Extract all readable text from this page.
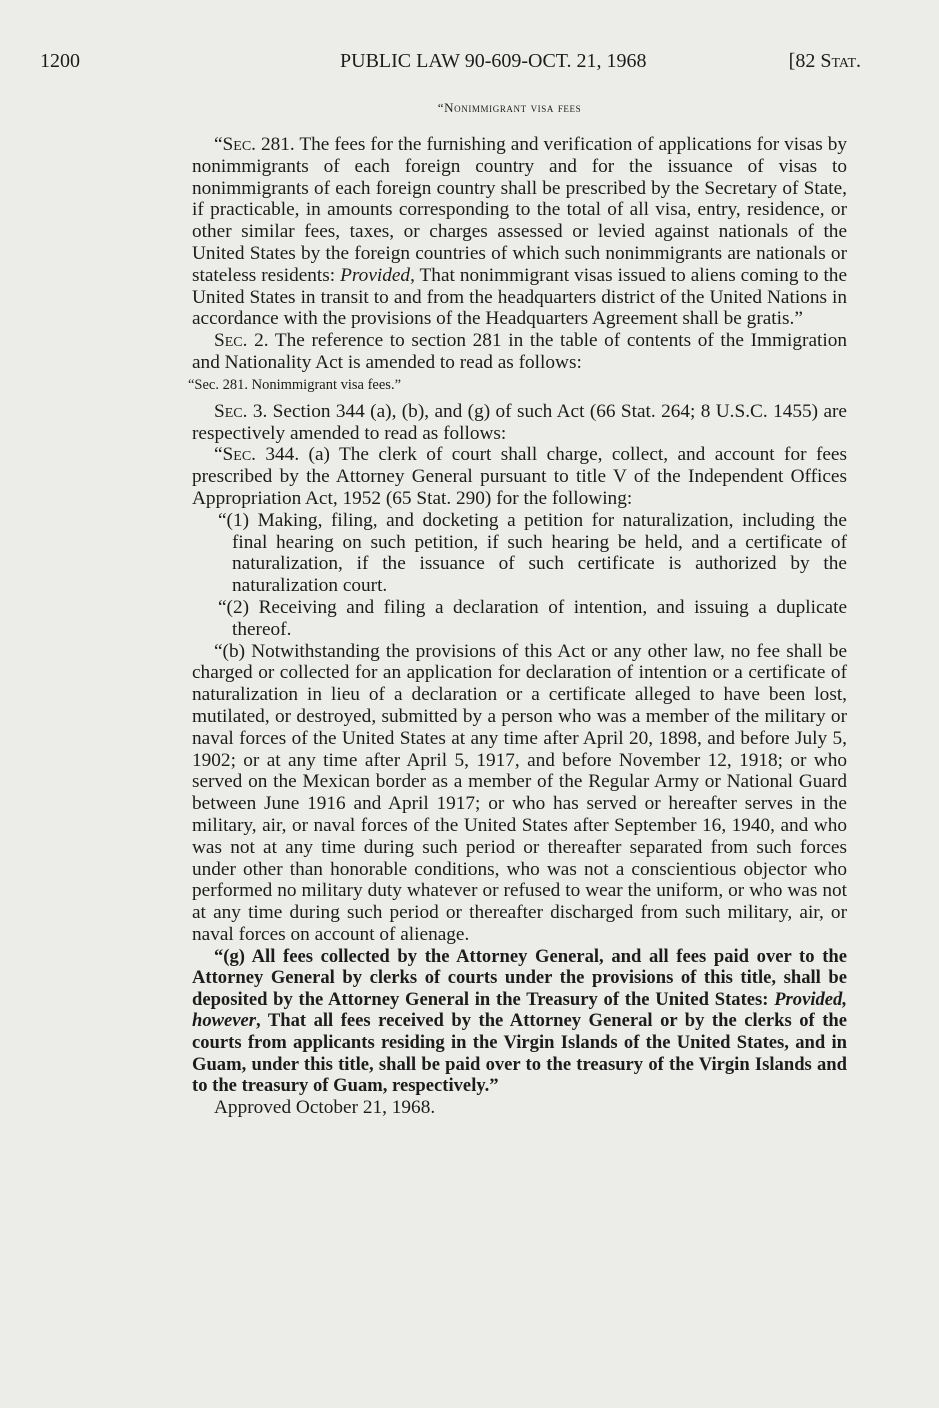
1200	PUBLIC LAW 90-609-OCT. 21, 1968	[82 Stat.
“Nonimmigrant visa fees

“Sec. 281. The fees for the furnishing and verification of applications for visas by nonimmigrants of each foreign country and for the issuance of visas to nonimmigrants of each foreign country shall be prescribed by the Secretary of State, if practicable, in amounts corresponding to the total of all visa, entry, residence, or other similar fees, taxes, or charges assessed or levied against nationals of the United States by the foreign countries of which such nonimmigrants are nationals or stateless residents: Provided, That nonimmigrant visas issued to aliens coming to the United States in transit to and from the headquarters district of the United Nations in accordance with the provisions of the Headquarters Agreement shall be gratis.”

Sec. 2. The reference to section 281 in the table of contents of the Immigration and Nationality Act is amended to read as follows:

“Sec. 281. Nonimmigrant visa fees.”

Sec. 3. Section 344 (a), (b), and (g) of such Act (66 Stat. 264; 8 U.S.C. 1455) are respectively amended to read as follows:

“Sec. 344. (a) The clerk of court shall charge, collect, and account for fees prescribed by the Attorney General pursuant to title V of the Independent Offices Appropriation Act, 1952 (65 Stat. 290) for the following:

“(1) Making, filing, and docketing a petition for naturalization, including the final hearing on such petition, if such hearing be held, and a certificate of naturalization, if the issuance of such certificate is authorized by the naturalization court.

“(2) Receiving and filing a declaration of intention, and issuing a duplicate thereof.

“(b) Notwithstanding the provisions of this Act or any other law, no fee shall be charged or collected for an application for declaration of intention or a certificate of naturalization in lieu of a declaration or a certificate alleged to have been lost, mutilated, or destroyed, submitted by a person who was a member of the military or naval forces of the United States at any time after April 20, 1898, and before July 5, 1902; or at any time after April 5, 1917, and before November 12, 1918; or who served on the Mexican border as a member of the Regular Army or National Guard between June 1916 and April 1917; or who has served or hereafter serves in the military, air, or naval forces of the United States after September 16, 1940, and who was not at any time during such period or thereafter separated from such forces under other than honorable conditions, who was not a conscientious objector who performed no military duty whatever or refused to wear the uniform, or who was not at any time during such period or thereafter discharged from such military, air, or naval forces on account of alienage.

“(g) All fees collected by the Attorney General, and all fees paid over to the Attorney General by clerks of courts under the provisions of this title, shall be deposited by the Attorney General in the Treasury of the United States: Provided, however, That all fees received by the Attorney General or by the clerks of the courts from applicants residing in the Virgin Islands of the United States, and in Guam, under this title, shall be paid over to the treasury of the Virgin Islands and to the treasury of Guam, respectively.”

Approved October 21, 1968.
